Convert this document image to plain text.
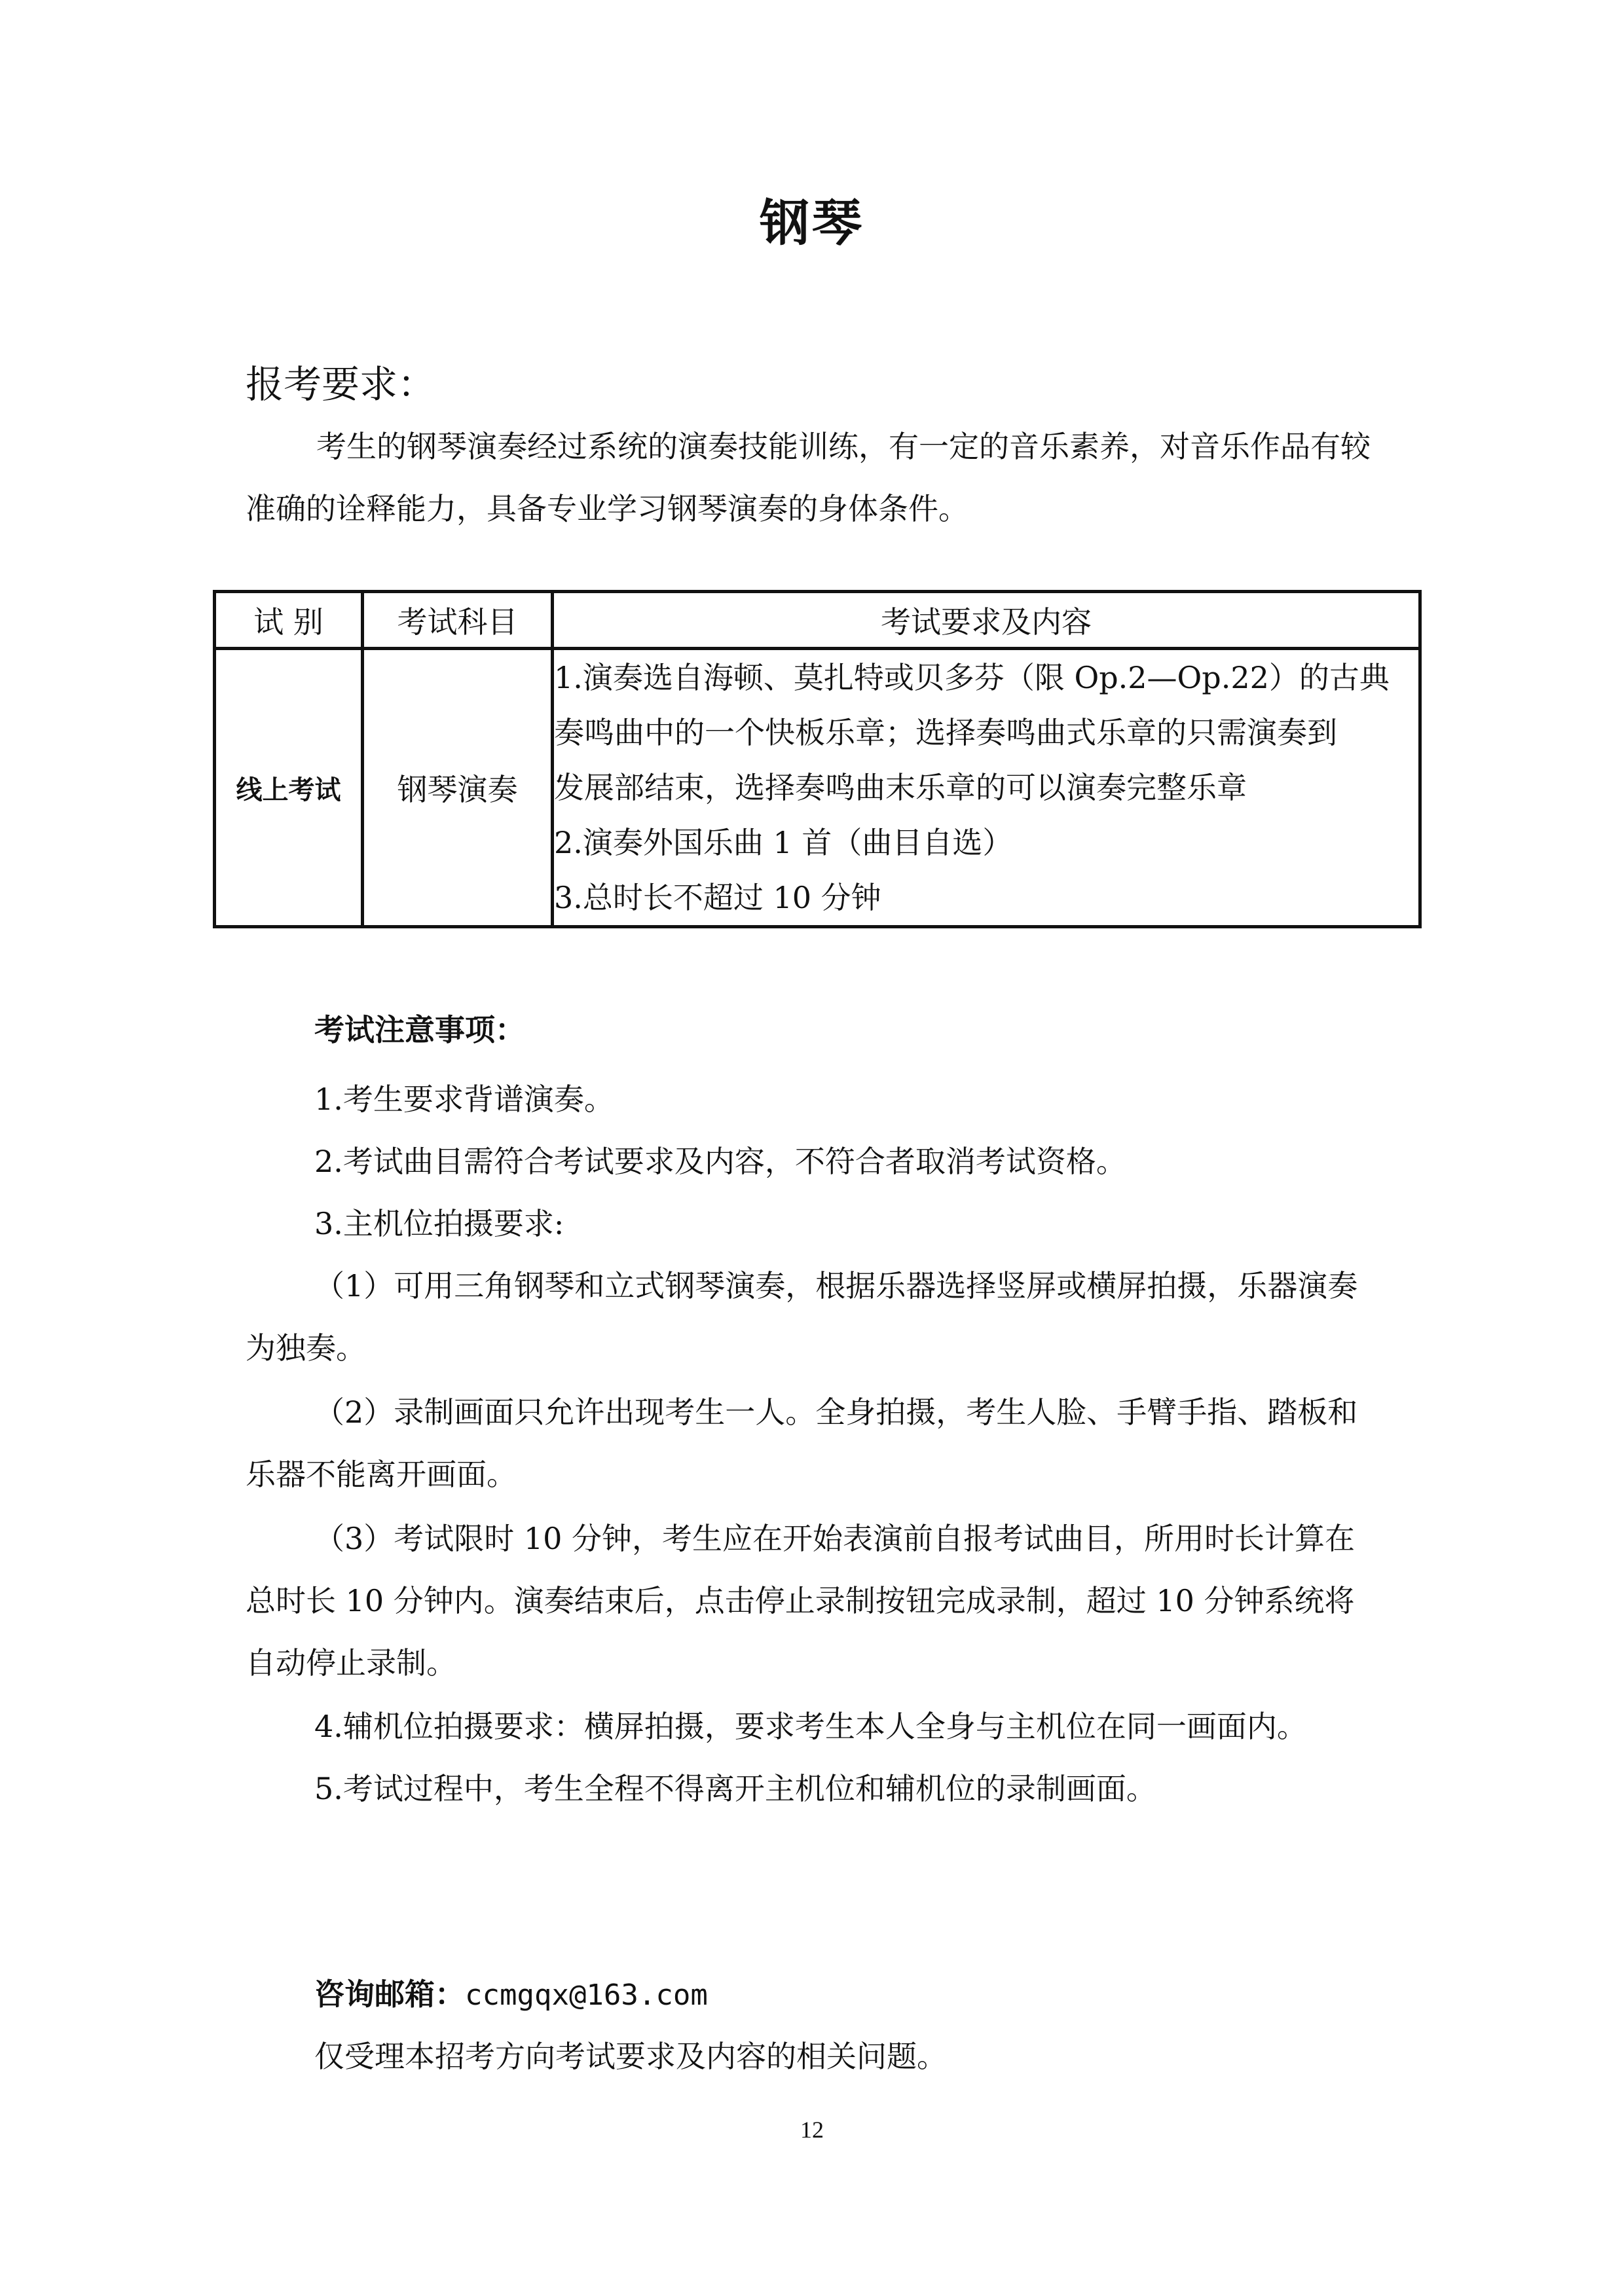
钢琴
报考要求：
考生的钢琴演奏经过系统的演奏技能训练，有一定的音乐素养，对音乐作品有较准确的诠释能力，具备专业学习钢琴演奏的身体条件。
试 别	考试科目	考试要求及内容
线上考试	钢琴演奏	1.演奏选自海顿、莫扎特或贝多芬（限 Op.2—Op.22）的古典
奏鸣曲中的一个快板乐章；选择奏鸣曲式乐章的只需演奏到
发展部结束，选择奏鸣曲末乐章的可以演奏完整乐章
2.演奏外国乐曲 1 首（曲目自选）
3.总时长不超过 10 分钟
考试注意事项：
1.考生要求背谱演奏。
2.考试曲目需符合考试要求及内容，不符合者取消考试资格。
3.主机位拍摄要求:
（1）可用三角钢琴和立式钢琴演奏，根据乐器选择竖屏或横屏拍摄，乐器演奏为独奏。
（2）录制画面只允许出现考生一人。全身拍摄，考生人脸、手臂手指、踏板和乐器不能离开画面。
（3）考试限时 10 分钟，考生应在开始表演前自报考试曲目，所用时长计算在总时长 10 分钟内。演奏结束后，点击停止录制按钮完成录制，超过 10 分钟系统将自动停止录制。
4.辅机位拍摄要求：横屏拍摄，要求考生本人全身与主机位在同一画面内。
5.考试过程中，考生全程不得离开主机位和辅机位的录制画面。
咨询邮箱：ccmgqx@163.com
仅受理本招考方向考试要求及内容的相关问题。
12
